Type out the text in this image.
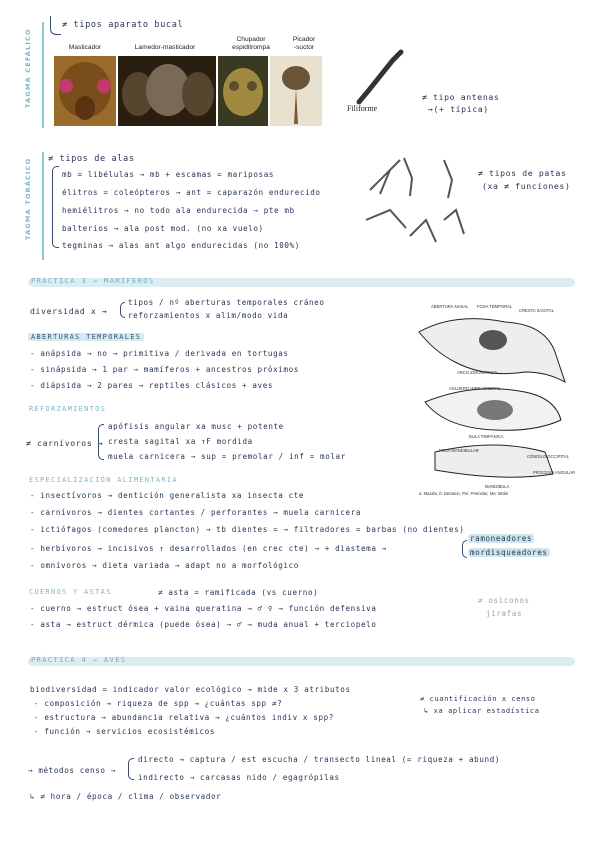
TAGMA CEFÁLICO
TAGMA TORÁCICO
≠ tipos aparato bucal
Masticador	Lamedor-masticador
Chupador
espiditrompa
Picador
-suctor
Filiforme
≠ tipo antenas
→(+ típica)
≠ tipos de alas
mb = libélulas → mb + escamas = mariposas
élitros = coleópteros → ant = caparazón endurecido
hemiélitros → no todo ala endurecida → pte mb
balterios → ala post mod. (no xa vuelo)
tegminas → alas ant algo endurecidas (no 100%)
≠ tipos de patas
(xa ≠ funciones)
PRÁCTICA 3 → MAMÍFEROS
diversidad x →
tipos / nº aberturas temporales cráneo
reforzamientos x alim/modo vida
ABERTURAS TEMPORALES
- anápsida → no → primitiva / derivada en tortugas
- sinápsida → 1 par → mamíferos + ancestros próximos
- diápsida → 2 pares → reptiles clásicos + aves
REFORZAMIENTOS
≠ carnívoros →
apófisis angular xa musc + potente
cresta sagital xa ↑F mordida
muela carnicera → sup = premolar / inf = molar
ABERTURA NASAL FOSA TEMPORAL
CRESTA SAGITAL
ARCO ZIGOMÁTICO
AGUJERO INFRAORBITAL
BULA TIMPÁNICA
FOSA MANDIBULAR
MANDÍBULA
CÓNDILO OCCIPITAL
PROCESO ANGULAR
a: Maxilar, b: Dentario, Pm: Premolar, Mo: Molar
ESPECIALIZACIÓN ALIMENTARIA
- insectívoros → dentición generalista xa insecta cte
- carnívoros → dientes cortantes / perforantes → muela carnicera
- ictiófagos (comedores plancton) → tb dientes = → filtradores = barbas (no dientes)
- herbívoros → incisivos ↑ desarrollados (en crec cte) → + diastema →
ramoneadores
mordisqueadores
- omnívoros → dieta variada → adapt no a morfológico
CUERNOS Y ASTAS	≠ asta = ramificada (vs cuerno)
- cuerno → estruct ósea + vaina queratina → ♂ ♀ → función defensiva
- asta → estruct dérmica (puede ósea) → ♂ → muda anual + terciopelo
≠ osiconos
jirafas
PRÁCTICA 4 → AVES
biodiversidad = indicador valor ecológico → mide x 3 atributos
- composición → riqueza de spp → ¿cuántas spp ≠?
- estructura → abundancia relativa → ¿cuántos indiv x spp?
- función → servicios ecosistémicos
≠ cuantificación x censo
↳ xa aplicar estadística
→ métodos censo →
directo → captura / est escucha / transecto lineal (= riqueza + abund)
indirecto → carcasas nido / egagrópilas
↳ ≠ hora / época / clima / observador
